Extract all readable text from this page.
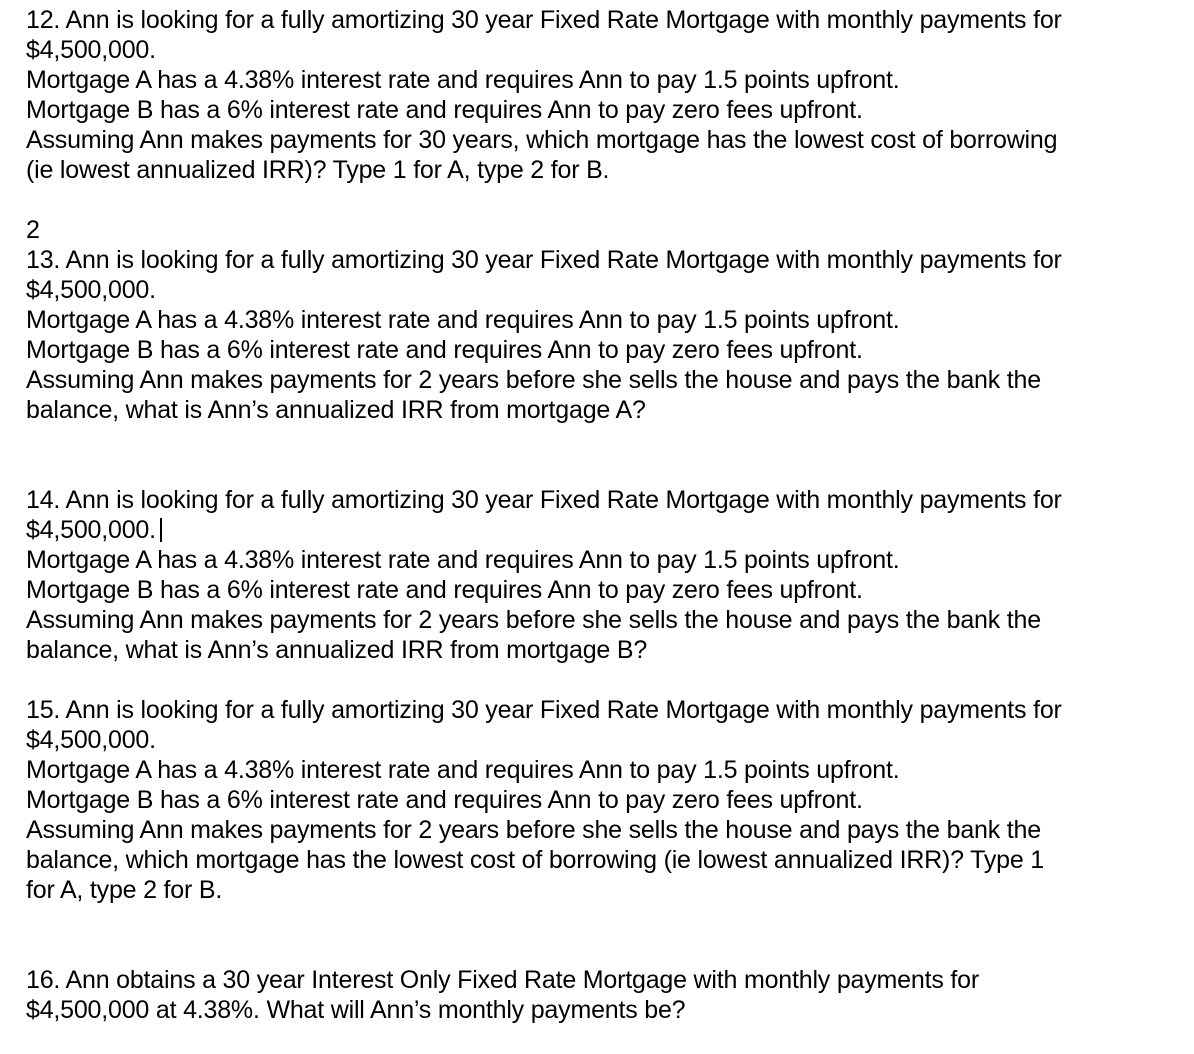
12. Ann is looking for a fully amortizing 30 year Fixed Rate Mortgage with monthly payments for
$4,500,000.
Mortgage A has a 4.38% interest rate and requires Ann to pay 1.5 points upfront.
Mortgage B has a 6% interest rate and requires Ann to pay zero fees upfront.
Assuming Ann makes payments for 30 years, which mortgage has the lowest cost of borrowing
(ie lowest annualized IRR)? Type 1 for A, type 2 for B.
2
13. Ann is looking for a fully amortizing 30 year Fixed Rate Mortgage with monthly payments for
$4,500,000.
Mortgage A has a 4.38% interest rate and requires Ann to pay 1.5 points upfront.
Mortgage B has a 6% interest rate and requires Ann to pay zero fees upfront.
Assuming Ann makes payments for 2 years before she sells the house and pays the bank the
balance, what is Ann’s annualized IRR from mortgage A?
14. Ann is looking for a fully amortizing 30 year Fixed Rate Mortgage with monthly payments for
$4,500,000.
Mortgage A has a 4.38% interest rate and requires Ann to pay 1.5 points upfront.
Mortgage B has a 6% interest rate and requires Ann to pay zero fees upfront.
Assuming Ann makes payments for 2 years before she sells the house and pays the bank the
balance, what is Ann’s annualized IRR from mortgage B?
15. Ann is looking for a fully amortizing 30 year Fixed Rate Mortgage with monthly payments for
$4,500,000.
Mortgage A has a 4.38% interest rate and requires Ann to pay 1.5 points upfront.
Mortgage B has a 6% interest rate and requires Ann to pay zero fees upfront.
Assuming Ann makes payments for 2 years before she sells the house and pays the bank the
balance, which mortgage has the lowest cost of borrowing (ie lowest annualized IRR)? Type 1
for A, type 2 for B.
16. Ann obtains a 30 year Interest Only Fixed Rate Mortgage with monthly payments for
$4,500,000 at 4.38%. What will Ann’s monthly payments be?
